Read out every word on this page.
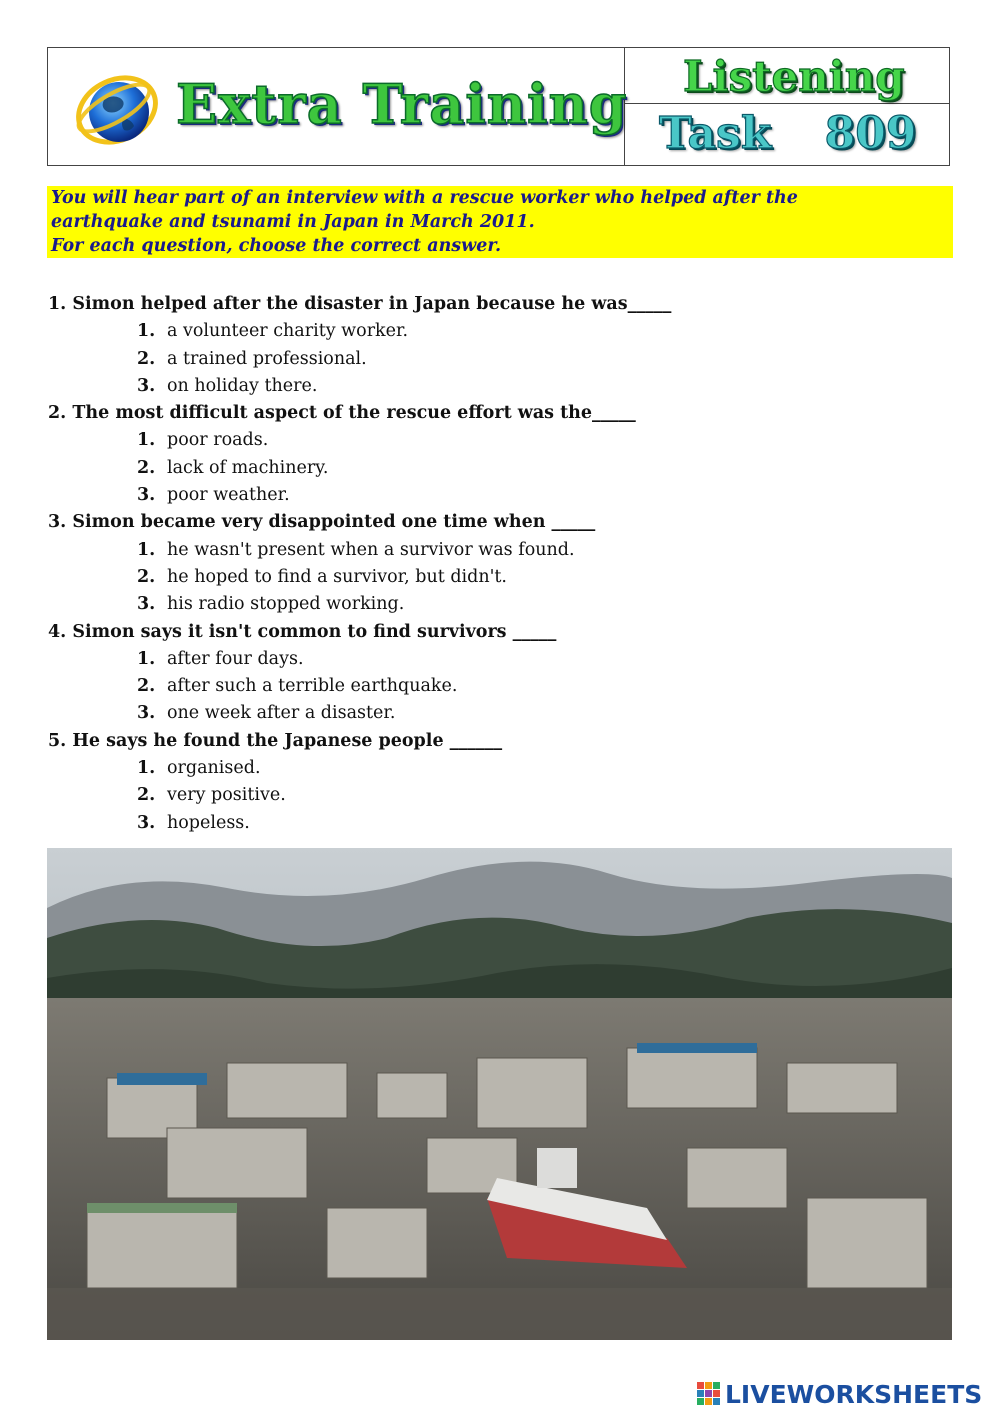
Extra Training Listening
Task 809
You will hear part of an interview with a rescue worker who helped after the
earthquake and tsunami in Japan in March 2011.
For each question, choose the correct answer.
1. Simon helped after the disaster in Japan because he was_____
1. a volunteer charity worker.
2. a trained professional.
3. on holiday there.
2. The most difficult aspect of the rescue effort was the_____
1. poor roads.
2. lack of machinery.
3. poor weather.
3. Simon became very disappointed one time when _____
1. he wasn't present when a survivor was found.
2. he hoped to find a survivor, but didn't.
3. his radio stopped working.
4. Simon says it isn't common to find survivors _____
1. after four days.
2. after such a terrible earthquake.
3. one week after a disaster.
5. He says he found the Japanese people ______
1. organised.
2. very positive.
3. hopeless.
LIVEWORKSHEETS
